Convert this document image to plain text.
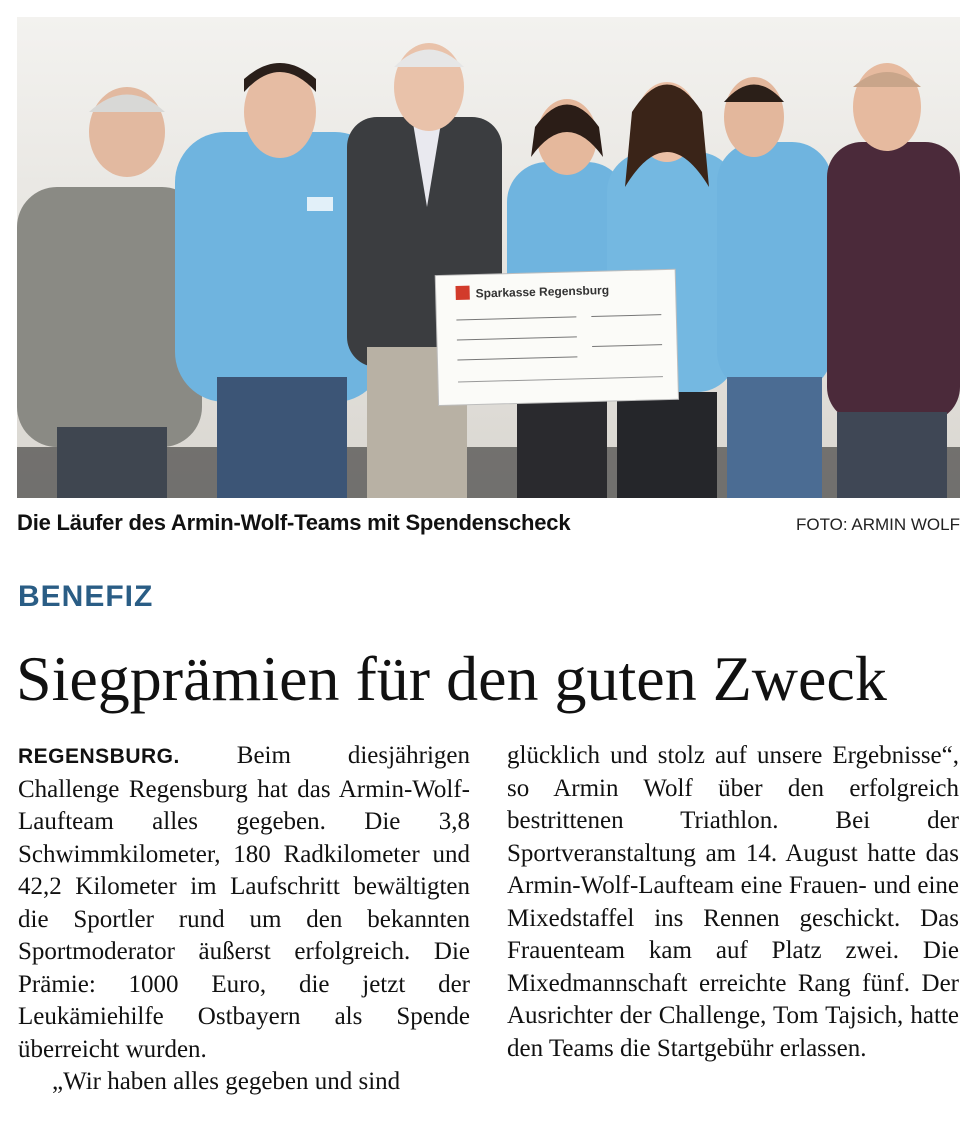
Sparkasse Regensburg
Die Läufer des Armin-Wolf-Teams mit Spendenscheck	FOTO: ARMIN WOLF
BENEFIZ
Siegprämien für den guten Zweck

REGENSBURG. Beim diesjährigen Challenge Regensburg hat das Armin-Wolf-Laufteam alles gegeben. Die 3,8 Schwimmkilometer, 180 Radkilometer und 42,2 Kilometer im Laufschritt bewältigten die Sportler rund um den bekannten Sportmoderator äußerst erfolgreich. Die Prämie: 1000 Euro, die jetzt der Leukämiehilfe Ostbayern als Spende überreicht wurden.

„Wir haben alles gegeben und sind

glücklich und stolz auf unsere Ergebnisse“, so Armin Wolf über den erfolgreich bestrittenen Triathlon. Bei der Sportveranstaltung am 14. August hatte das Armin-Wolf-Laufteam eine Frauen- und eine Mixedstaffel ins Rennen geschickt. Das Frauenteam kam auf Platz zwei. Die Mixedmannschaft erreichte Rang fünf. Der Ausrichter der Challenge, Tom Tajsich, hatte den Teams die Startgebühr erlassen.
